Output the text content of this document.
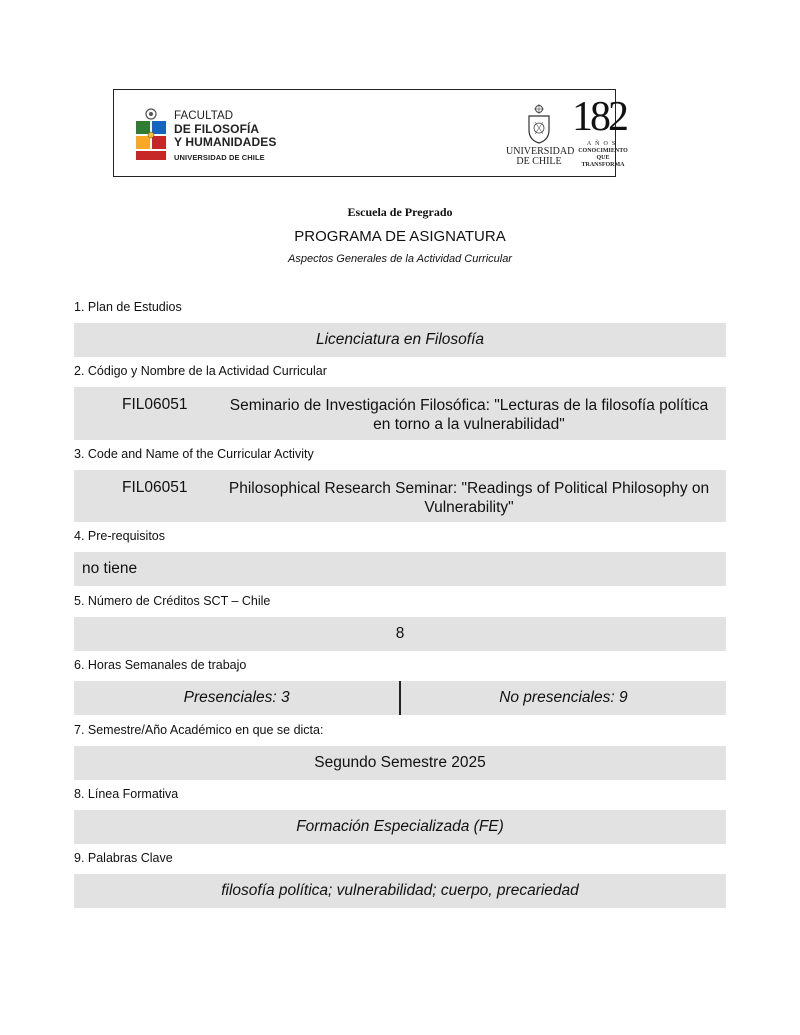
FACULTAD
DE FILOSOFÍA
Y HUMANIDADES
UNIVERSIDAD DE CHILE
UNIVERSIDAD
DE CHILE
182
AÑOS
CONOCIMIENTO
QUE TRANSFORMA
Escuela de Pregrado
PROGRAMA DE ASIGNATURA
Aspectos Generales de la Actividad Curricular
1. Plan de Estudios
Licenciatura en Filosofía
2. Código y Nombre de la Actividad Curricular
FIL06051	Seminario de Investigación Filosófica: "Lecturas de la filosofía política en torno a la vulnerabilidad"
3. Code and Name of the Curricular Activity
FIL06051	Philosophical Research Seminar: "Readings of Political Philosophy on Vulnerability"
4. Pre-requisitos
no tiene
5. Número de Créditos SCT – Chile
8
6. Horas Semanales de trabajo
Presenciales: 3	No presenciales: 9
7. Semestre/Año Académico en que se dicta:
Segundo Semestre 2025
8. Línea Formativa
Formación Especializada (FE)
9. Palabras Clave
filosofía política; vulnerabilidad; cuerpo, precariedad
